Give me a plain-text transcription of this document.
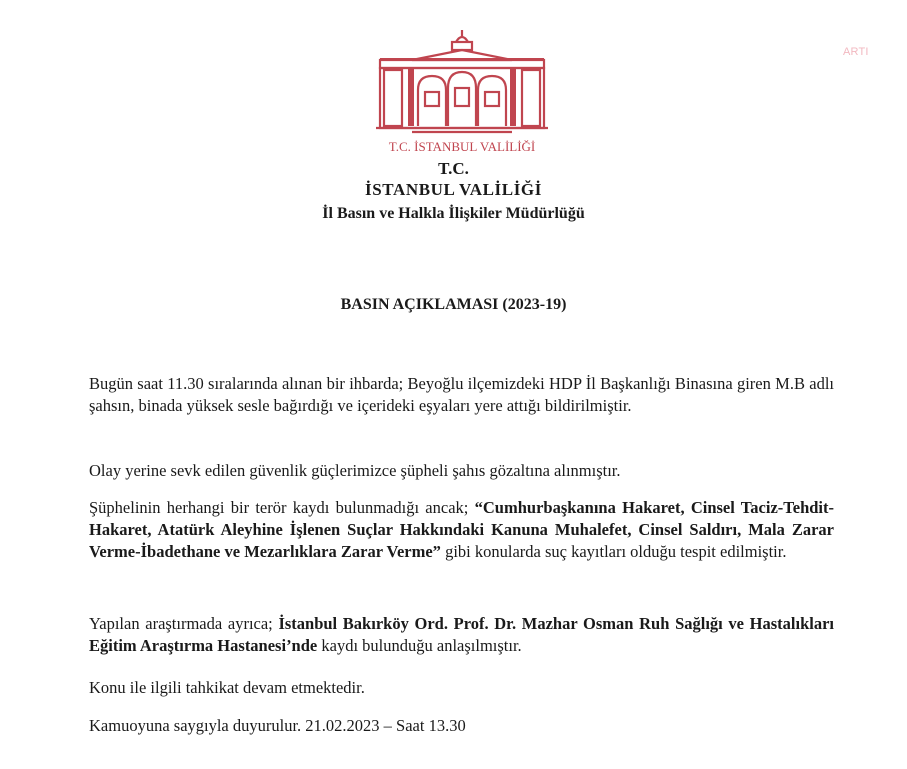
ARTI
T.C. İSTANBUL VALİLİĞİ
T.C.
İSTANBUL VALİLİĞİ
İl Basın ve Halkla İlişkiler Müdürlüğü
BASIN AÇIKLAMASI (2023-19)
Bugün saat 11.30 sıralarında alınan bir ihbarda; Beyoğlu ilçemizdeki HDP İl Başkanlığı Binasına giren M.B adlı şahsın, binada yüksek sesle bağırdığı ve içerideki eşyaları yere attığı bildirilmiştir.
Olay yerine sevk edilen güvenlik güçlerimizce şüpheli şahıs gözaltına alınmıştır.
Şüphelinin herhangi bir terör kaydı bulunmadığı ancak; “Cumhurbaşkanına Hakaret, Cinsel Taciz-Tehdit-Hakaret, Atatürk Aleyhine İşlenen Suçlar Hakkındaki Kanuna Muhalefet, Cinsel Saldırı, Mala Zarar Verme-İbadethane ve Mezarlıklara Zarar Verme” gibi konularda suç kayıtları olduğu tespit edilmiştir.
Yapılan araştırmada ayrıca; İstanbul Bakırköy Ord. Prof. Dr. Mazhar Osman Ruh Sağlığı ve Hastalıkları Eğitim Araştırma Hastanesi’nde kaydı bulunduğu anlaşılmıştır.
Konu ile ilgili tahkikat devam etmektedir.
Kamuoyuna saygıyla duyurulur. 21.02.2023 – Saat 13.30
